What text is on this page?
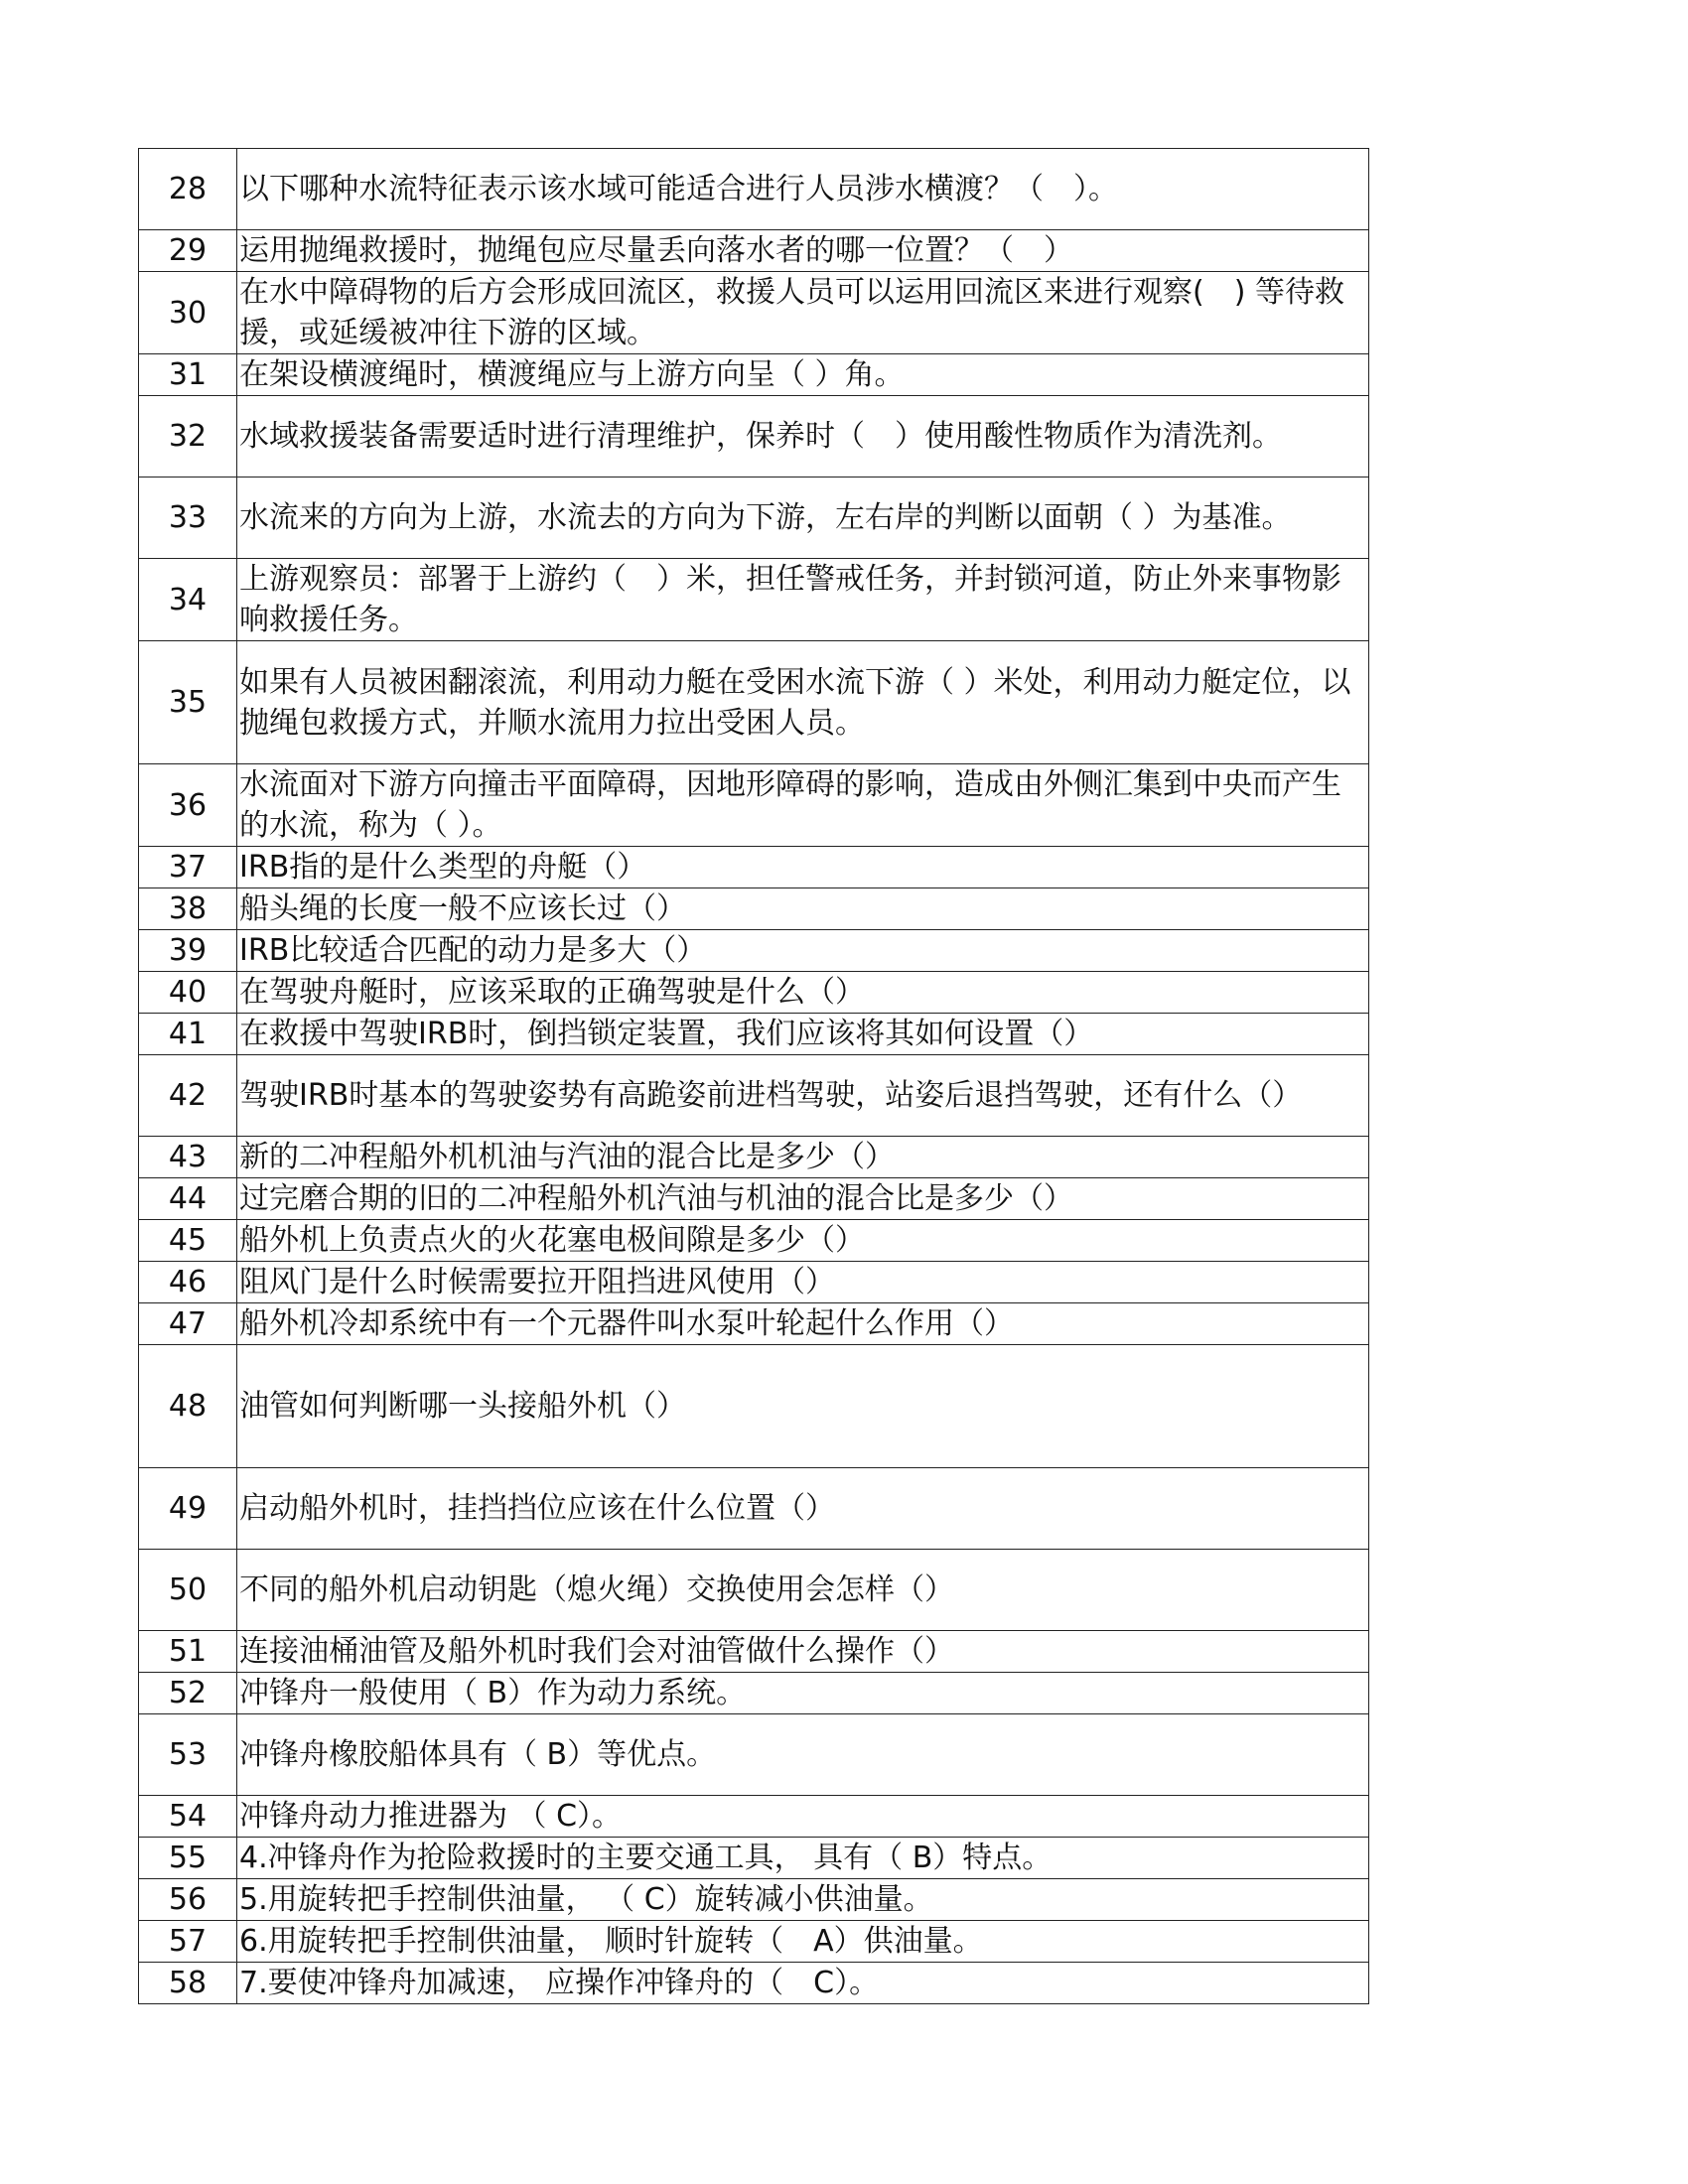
28	以下哪种水流特征表示该水域可能适合进行人员涉水横渡？（　）。
29	运用抛绳救援时，抛绳包应尽量丢向落水者的哪一位置？（　）
30	在水中障碍物的后方会形成回流区，救援人员可以运用回流区来进行观察(　) 等待救援，或延缓被冲往下游的区域。
31	在架设横渡绳时，横渡绳应与上游方向呈（ ）角。
32	水域救援装备需要适时进行清理维护，保养时（　）使用酸性物质作为清洗剂。
33	水流来的方向为上游，水流去的方向为下游，左右岸的判断以面朝（ ）为基准。
34	上游观察员：部署于上游约（　）米，担任警戒任务，并封锁河道，防止外来事物影响救援任务。
35	如果有人员被困翻滚流，利用动力艇在受困水流下游（ ）米处，利用动力艇定位，以抛绳包救援方式，并顺水流用力拉出受困人员。
36	水流面对下游方向撞击平面障碍，因地形障碍的影响，造成由外侧汇集到中央而产生的水流，称为（ ）。
37	IRB指的是什么类型的舟艇（）
38	船头绳的长度一般不应该长过（）
39	IRB比较适合匹配的动力是多大（）
40	在驾驶舟艇时，应该采取的正确驾驶是什么（）
41	在救援中驾驶IRB时，倒挡锁定装置，我们应该将其如何设置（）
42	驾驶IRB时基本的驾驶姿势有高跪姿前进档驾驶，站姿后退挡驾驶，还有什么（）
43	新的二冲程船外机机油与汽油的混合比是多少（）
44	过完磨合期的旧的二冲程船外机汽油与机油的混合比是多少（）
45	船外机上负责点火的火花塞电极间隙是多少（）
46	阻风门是什么时候需要拉开阻挡进风使用（）
47	船外机冷却系统中有一个元器件叫水泵叶轮起什么作用（）
48	油管如何判断哪一头接船外机（）
49	启动船外机时，挂挡挡位应该在什么位置（）
50	不同的船外机启动钥匙（熄火绳）交换使用会怎样（）
51	连接油桶油管及船外机时我们会对油管做什么操作（）
52	冲锋舟一般使用（ B）作为动力系统。
53	冲锋舟橡胶船体具有（ B）等优点。
54	冲锋舟动力推进器为 （ C）。
55	4.冲锋舟作为抢险救援时的主要交通工具， 具有（ B）特点。
56	5.用旋转把手控制供油量， （ C）旋转减小供油量。
57	6.用旋转把手控制供油量， 顺时针旋转（　A）供油量。
58	7.要使冲锋舟加减速， 应操作冲锋舟的（　C）。
